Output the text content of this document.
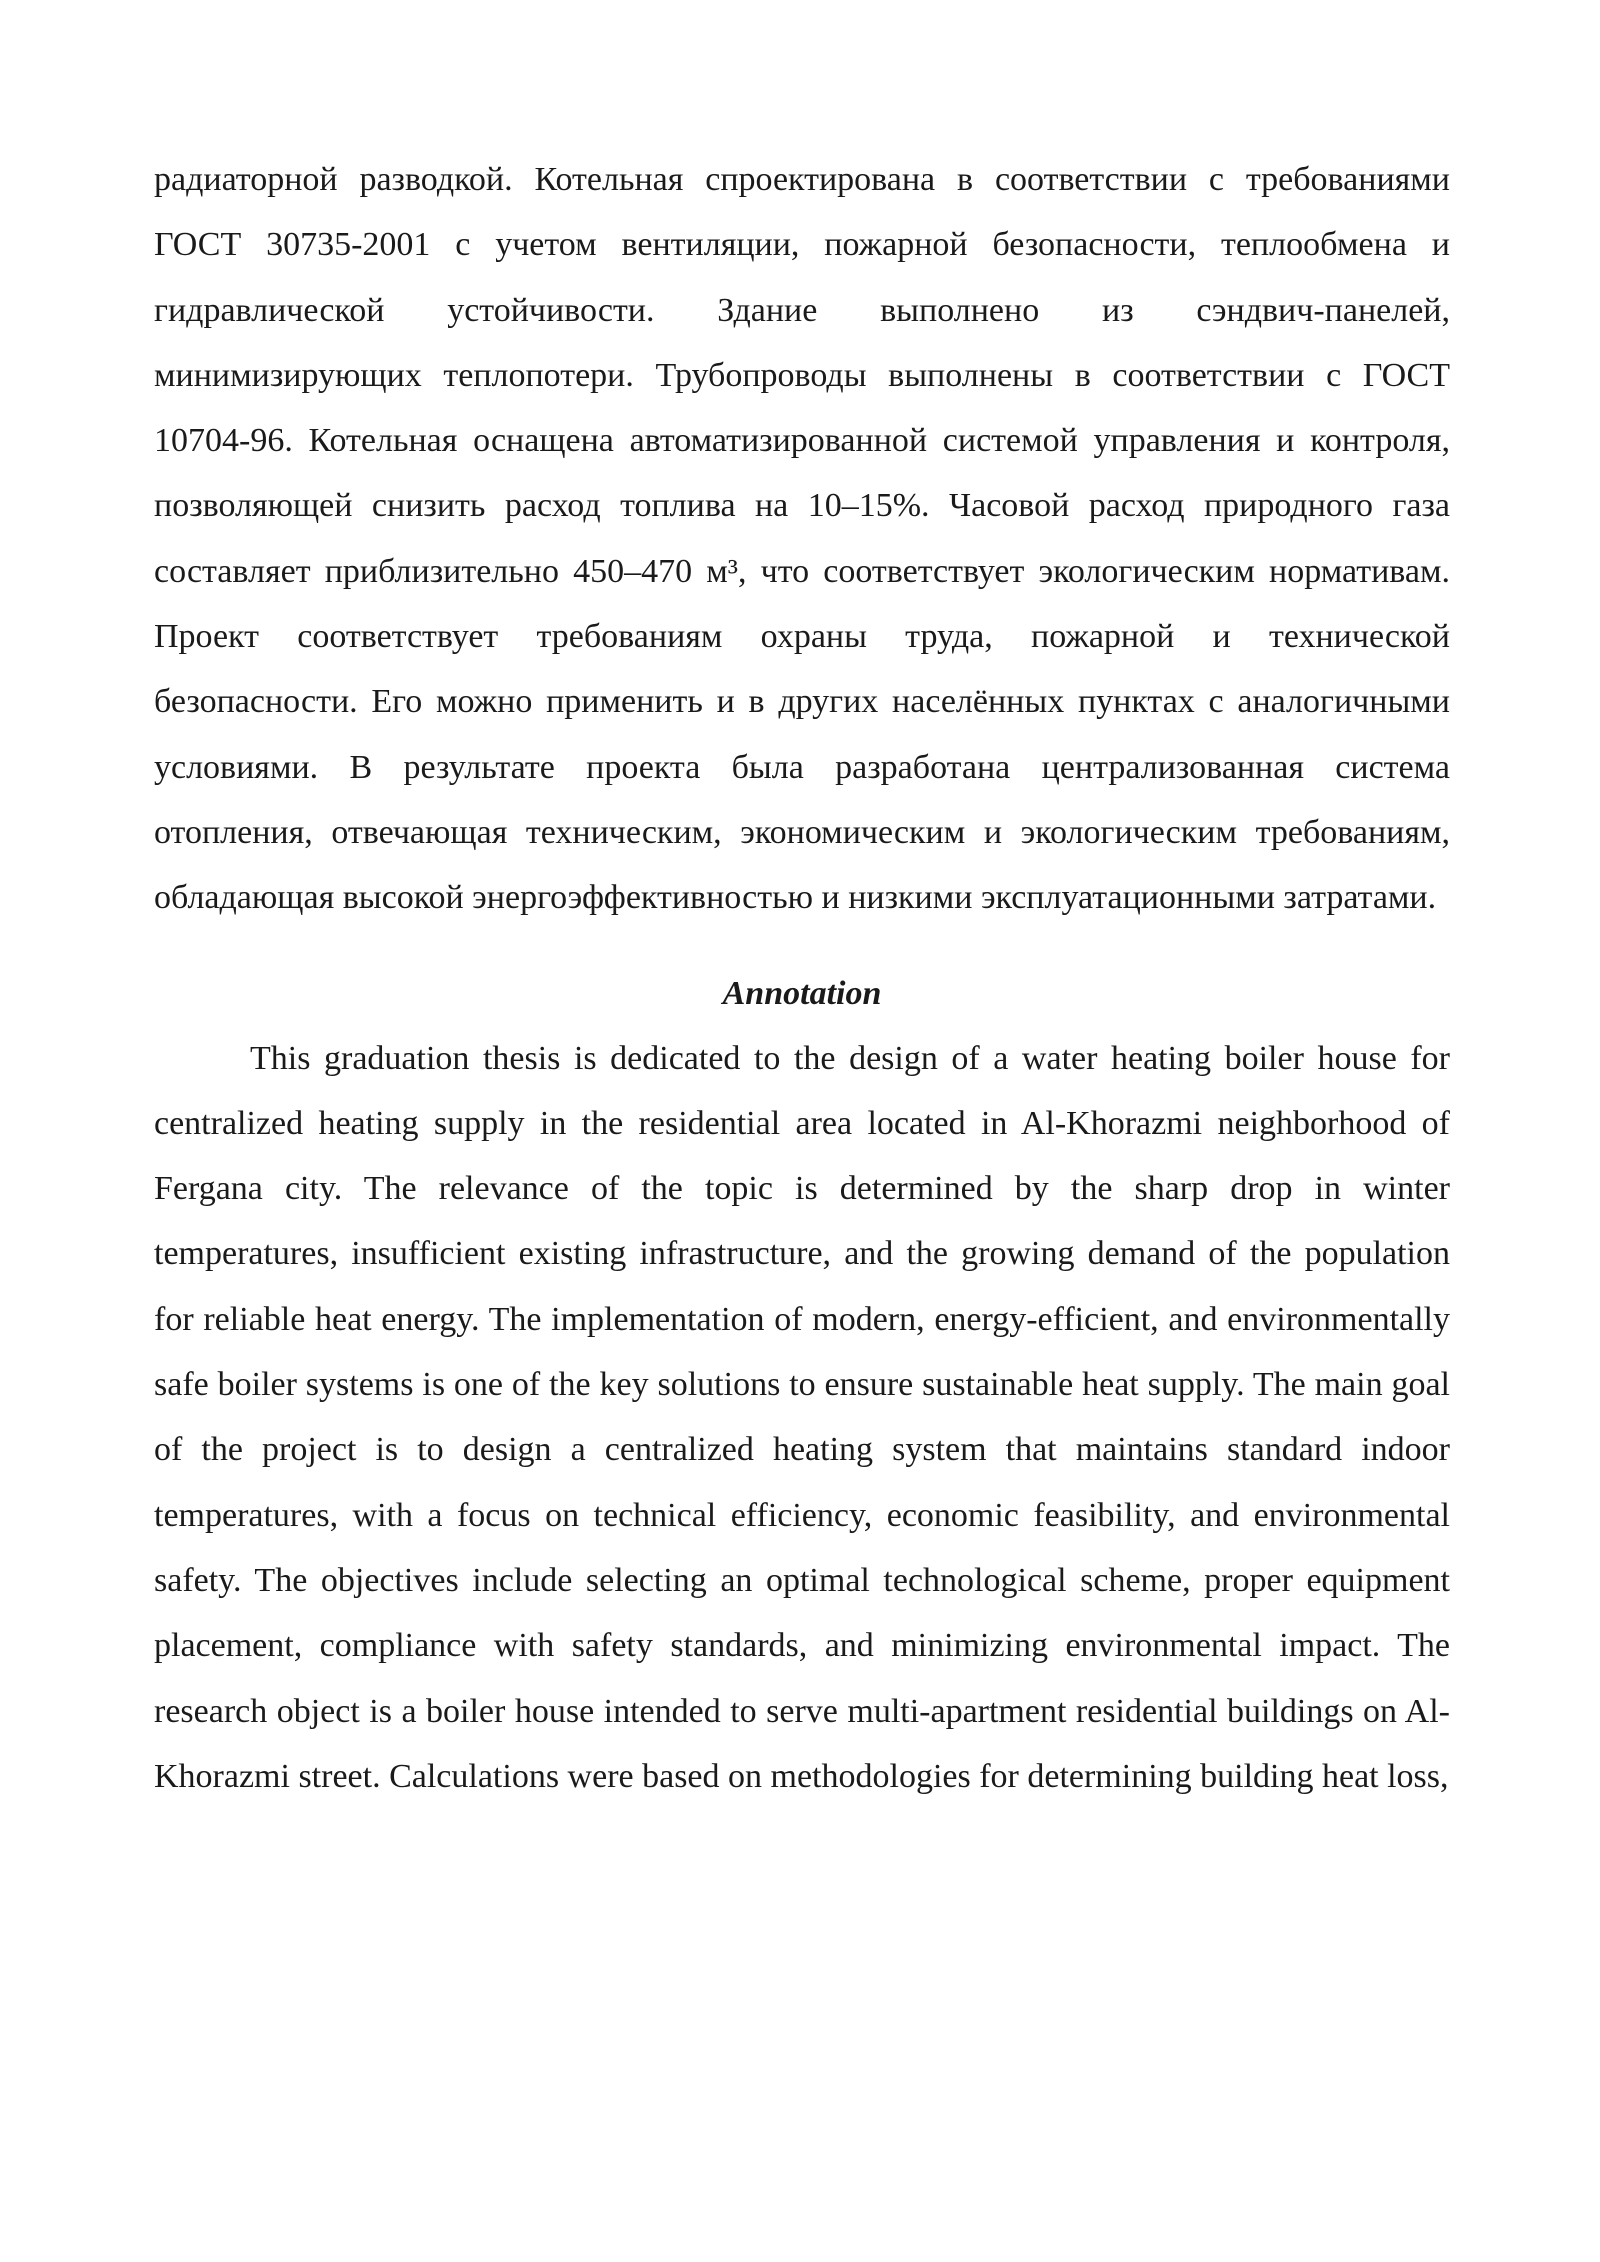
радиаторной разводкой. Котельная спроектирована в соответствии с требованиями ГОСТ 30735-2001 с учетом вентиляции, пожарной безопасности, теплообмена и гидравлической устойчивости. Здание выполнено из сэндвич-панелей, минимизирующих теплопотери. Трубопроводы выполнены в соответствии с ГОСТ 10704-96. Котельная оснащена автоматизированной системой управления и контроля, позволяющей снизить расход топлива на 10–15%. Часовой расход природного газа составляет приблизительно 450–470 м³, что соответствует экологическим нормативам. Проект соответствует требованиям охраны труда, пожарной и технической безопасности. Его можно применить и в других населённых пунктах с аналогичными условиями. В результате проекта была разработана централизованная система отопления, отвечающая техническим, экономическим и экологическим требованиям, обладающая высокой энергоэффективностью и низкими эксплуатационными затратами.

Annotation

This graduation thesis is dedicated to the design of a water heating boiler house for centralized heating supply in the residential area located in Al-Khorazmi neighborhood of Fergana city. The relevance of the topic is determined by the sharp drop in winter temperatures, insufficient existing infrastructure, and the growing demand of the population for reliable heat energy. The implementation of modern, energy-efficient, and environmentally safe boiler systems is one of the key solutions to ensure sustainable heat supply. The main goal of the project is to design a centralized heating system that maintains standard indoor temperatures, with a focus on technical efficiency, economic feasibility, and environmental safety. The objectives include selecting an optimal technological scheme, proper equipment placement, compliance with safety standards, and minimizing environmental impact. The research object is a boiler house intended to serve multi-apartment residential buildings on Al-Khorazmi street. Calculations were based on methodologies for determining building heat loss,
